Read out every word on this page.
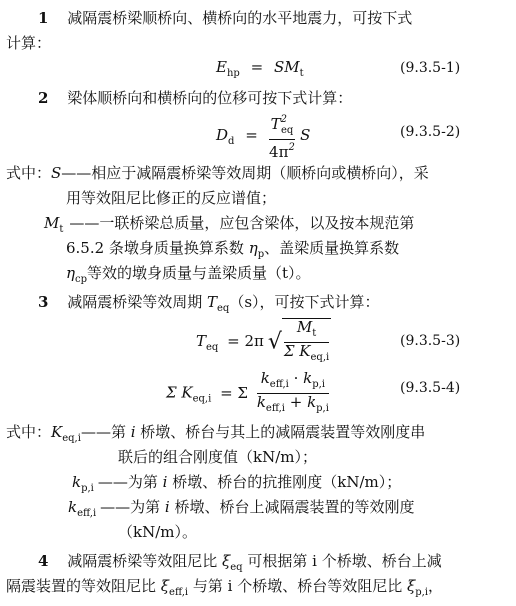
1 减隔震桥梁顺桥向、横桥向的水平地震力，可按下式
计算：
$E_{hp} = SM_t$	(9.3.5-1)
2 梁体顺桥向和横桥向的位移可按下式计算：
$D_d = \frac{T^2_{eq}}{4\pi^2}$ S	(9.3.5-2)
式中：S——相应于减隔震桥梁等效周期（顺桥向或横桥向），采
用等效阻尼比修正的反应谱值；
$M_t$ ——一联桥梁总质量，应包含梁体，以及按本规范第
6.5.2 条墩身质量换算系数 $\eta_p$、盖梁质量换算系数
$\eta_{cp}$等效的墩身质量与盖梁质量（t）。
3 减隔震桥梁等效周期 $T_{eq}(s)$，可按下式计算：
$T_{eq} = 2\pi$ √ $\frac{M_t}{\Sigma K_{eq,i}}$	(9.3.5-3)
Σ $K_{eq,i} = \Sigma \frac{k_{eff,i} \cdot k_{p,i}}{k_{eff,i} + k_{p,i}}$	(9.3.5-4)
式中：$K_{eq,i}——$第 i 桥墩、桥台与其上的减隔震装置等效刚度串
联后的组合刚度值（kN/m）；
$k_{p,i}$ ——为第 i 桥墩、桥台的抗推刚度（kN/m）；
$k_{eff,i}$ ——为第 i 桥墩、桥台上减隔震装置的等效刚度
（kN/m）。
4 减隔震桥梁等效阻尼比 $\xi_{eq}$ 可根据第 i 个桥墩、桥台上减
隔震装置的等效阻尼比 $\xi_{eff,i}$ 与第 i 个桥墩、桥台等效阻尼比 $\xi_{p,i}$，
